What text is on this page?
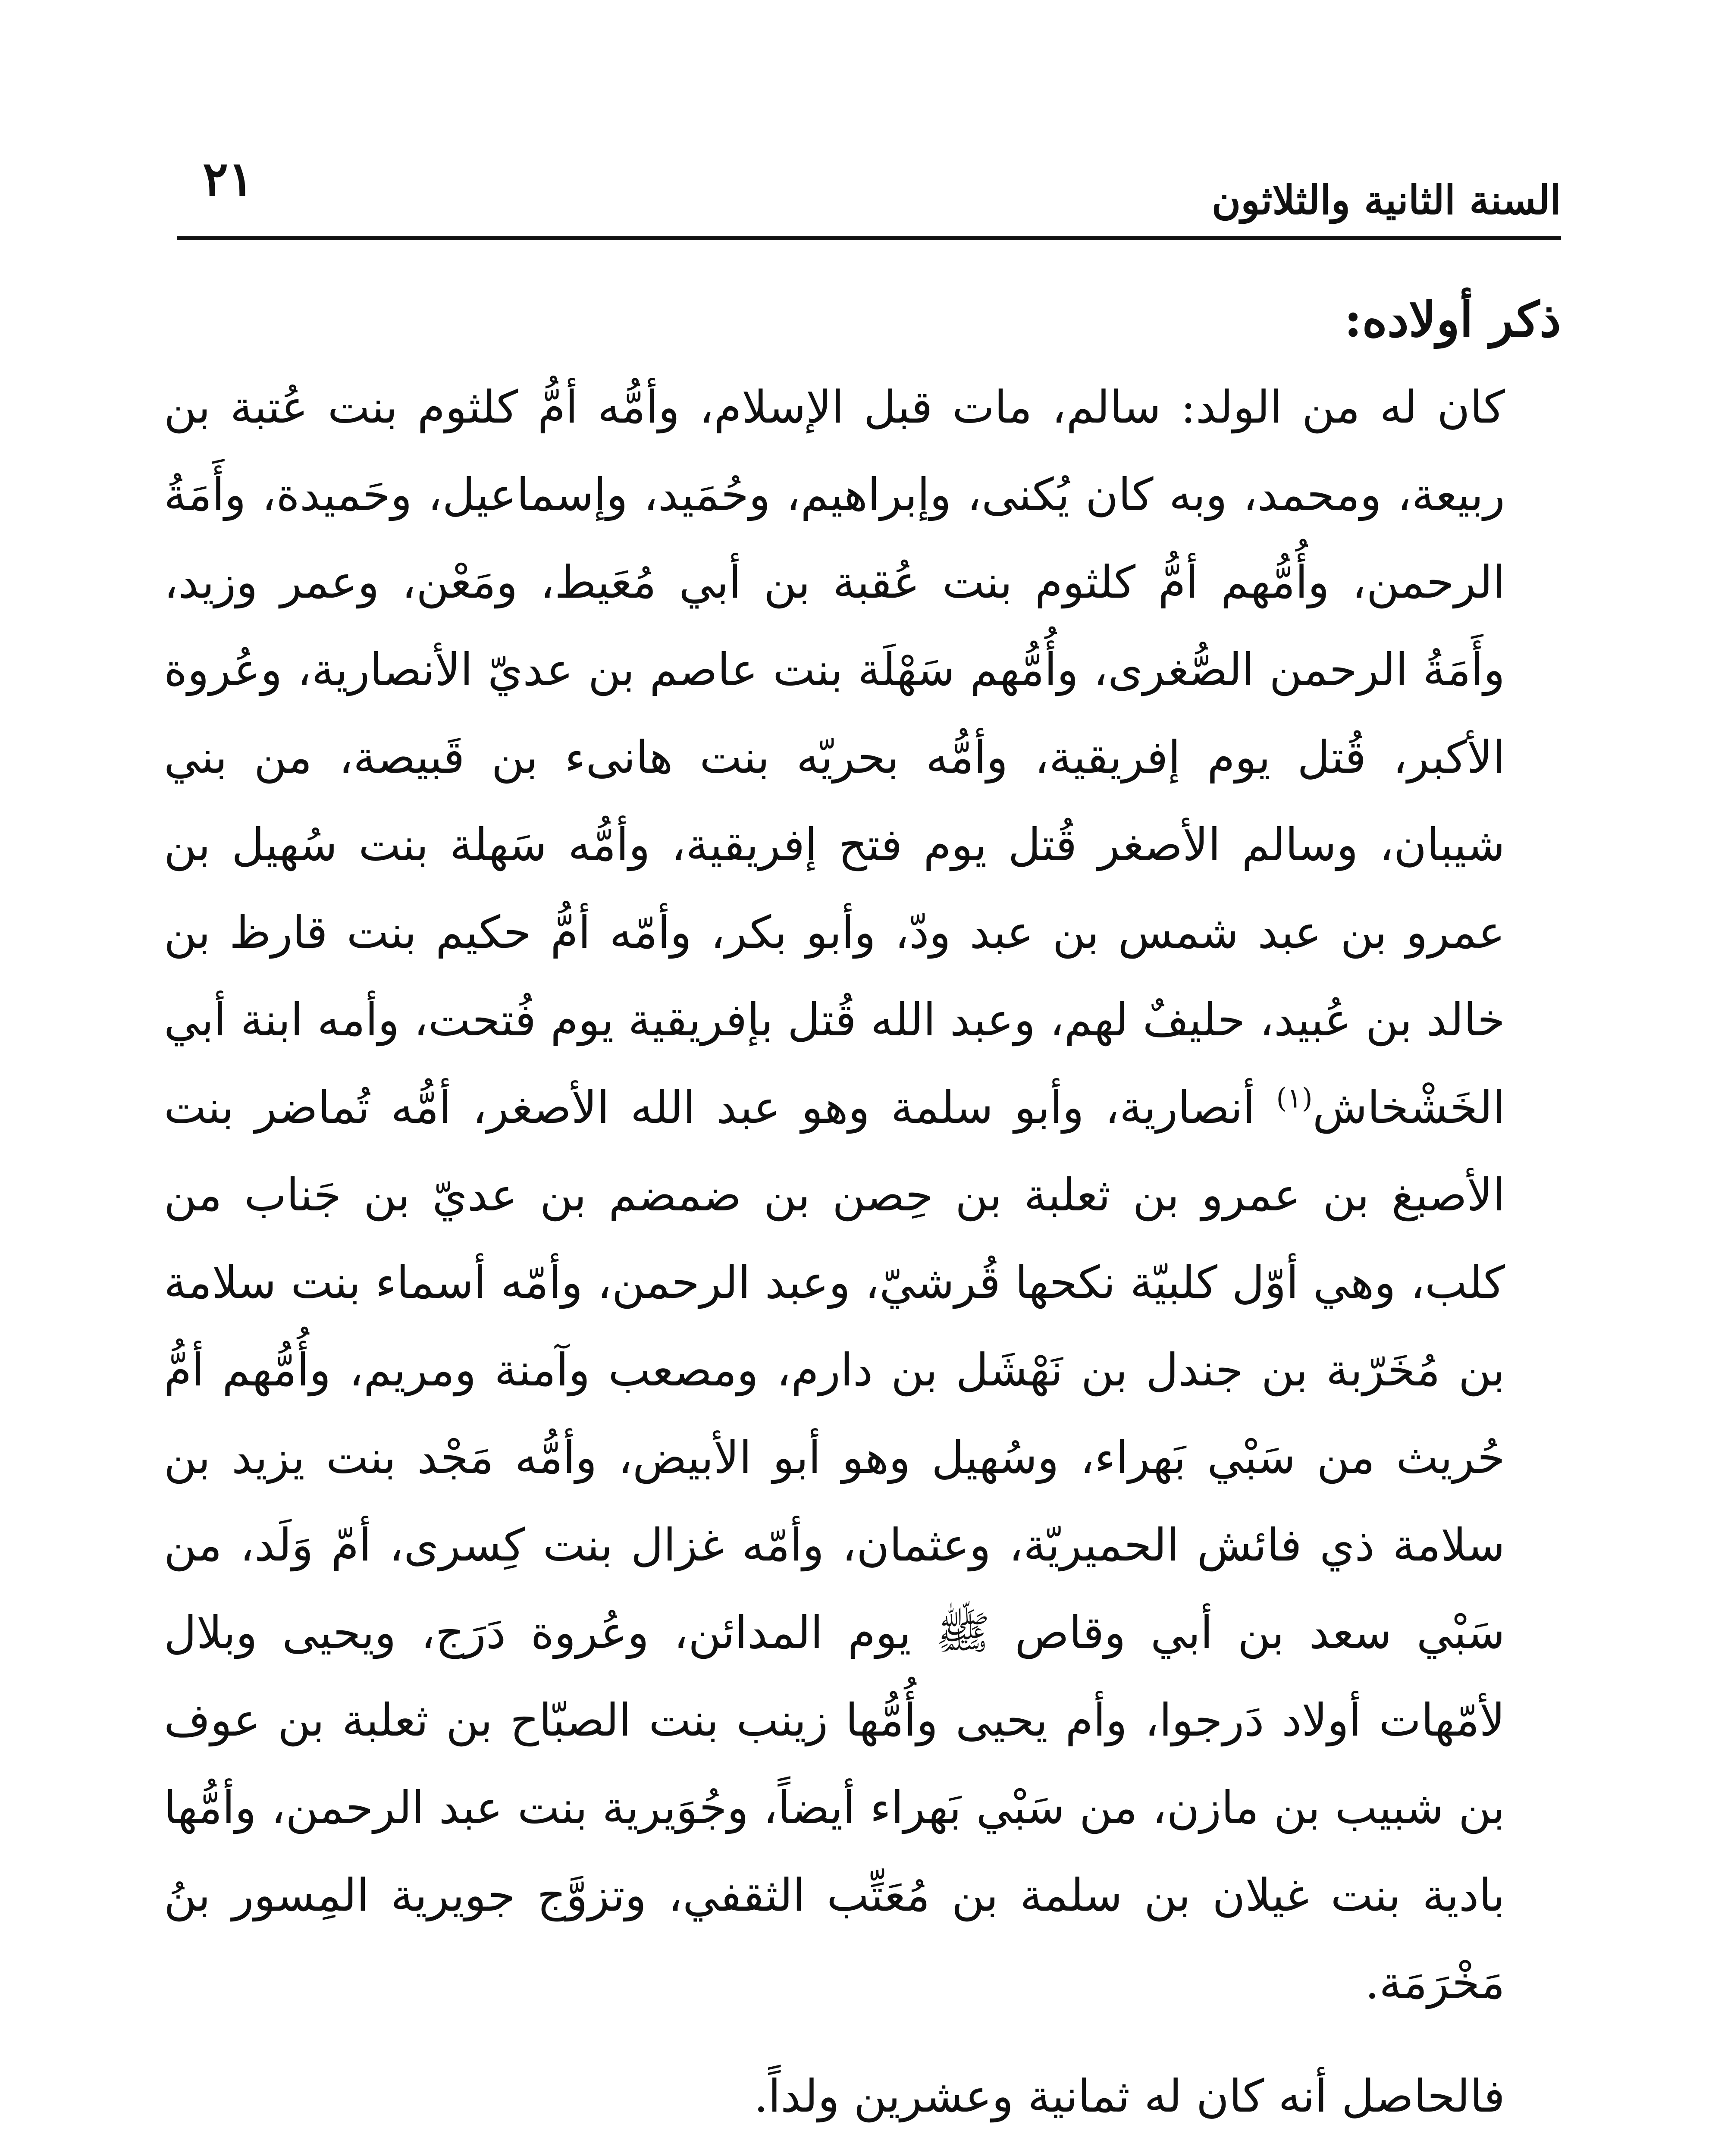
٢١	السنة الثانية والثلاثون
ذكر أولاده:

كان له من الولد: سالم، مات قبل الإسلام، وأمُّه أمُّ كلثوم بنت عُتبة بن ربيعة، ومحمد، وبه كان يُكنى، وإبراهيم، وحُمَيد، وإسماعيل، وحَميدة، وأَمَةُ الرحمن، وأُمُّهم أمُّ كلثوم بنت عُقبة بن أبي مُعَيط، ومَعْن، وعمر وزيد، وأَمَةُ الرحمن الصُّغرى، وأُمُّهم سَهْلَة بنت عاصم بن عديّ الأنصارية، وعُروة الأكبر، قُتل يوم إفريقية، وأمُّه بحريّه بنت هانىء بن قَبيصة، من بني شيبان، وسالم الأصغر قُتل يوم فتح إفريقية، وأمُّه سَهلة بنت سُهيل بن عمرو بن عبد شمس بن عبد ودّ، وأبو بكر، وأمّه أمُّ حكيم بنت قارظ بن خالد بن عُبيد، حليفٌ لهم، وعبد الله قُتل بإفريقية يوم فُتحت، وأمه ابنة أبي الخَشْخاش$^{(١)}$ أنصارية، وأبو سلمة وهو عبد الله الأصغر، أمُّه تُماضر بنت الأصبغ بن عمرو بن ثعلبة بن حِصن بن ضمضم بن عديّ بن جَناب من كلب، وهي أوّل كلبيّة نكحها قُرشيّ، وعبد الرحمن، وأمّه أسماء بنت سلامة بن مُخَرّبة بن جندل بن نَهْشَل بن دارم، ومصعب وآمنة ومريم، وأُمُّهم أمُّ حُريث من سَبْي بَهراء، وسُهيل وهو أبو الأبيض، وأمُّه مَجْد بنت يزيد بن سلامة ذي فائش الحميريّة، وعثمان، وأمّه غزال بنت كِسرى، أمّ وَلَد، من سَبْي سعد بن أبي وقاص ﷺ يوم المدائن، وعُروة دَرَج، ويحيى وبلال لأمّهات أولاد دَرجوا، وأم يحيى وأُمُّها زينب بنت الصبّاح بن ثعلبة بن عوف بن شبيب بن مازن، من سَبْي بَهراء أيضاً، وجُوَيرية بنت عبد الرحمن، وأمُّها بادية بنت غيلان بن سلمة بن مُعَتِّب الثقفي، وتزوَّج جويرية المِسور بنُ مَخْرَمَة.

فالحاصل أنه كان له ثمانية وعشرين ولداً.
